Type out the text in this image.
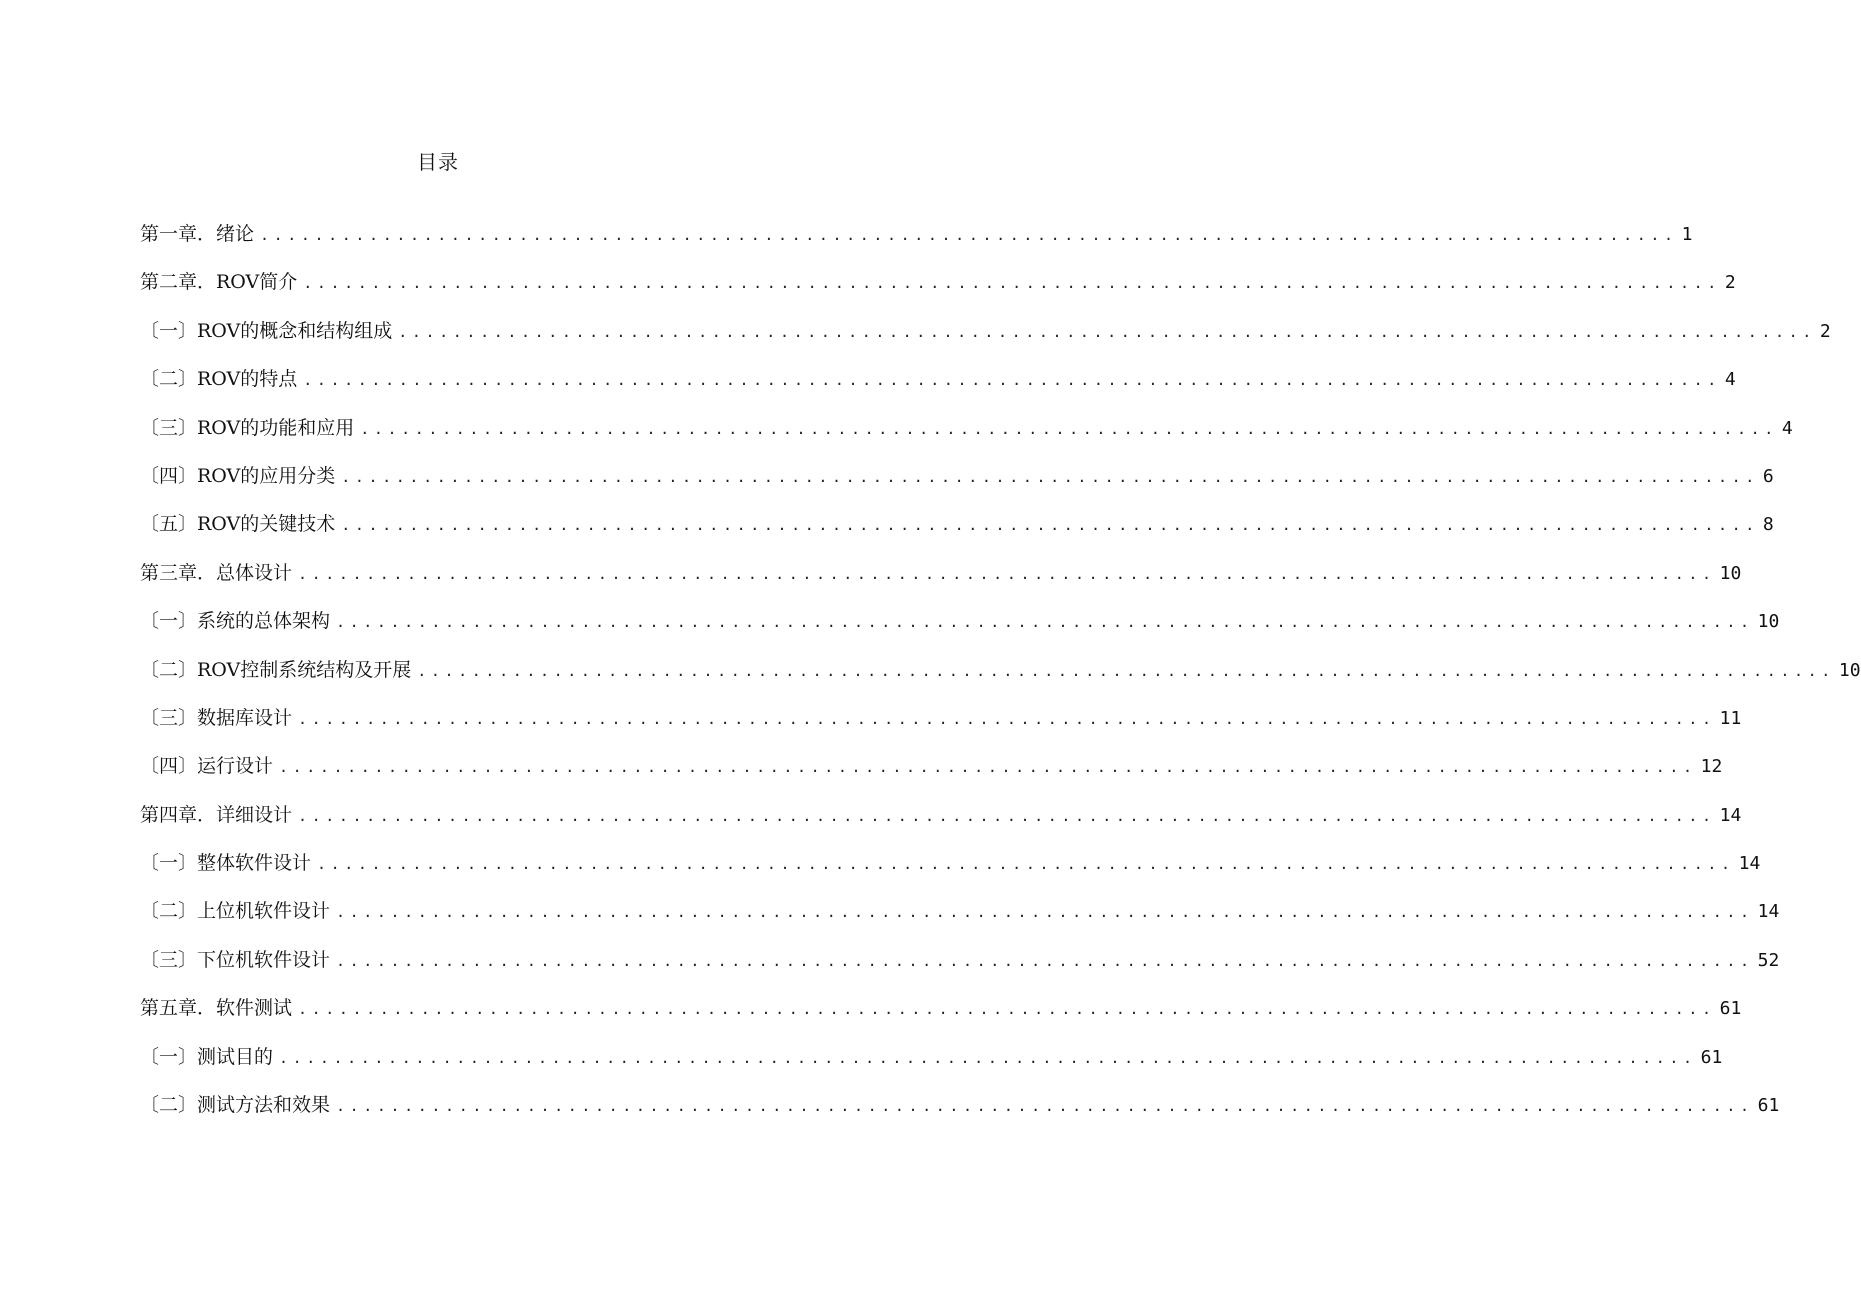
目录
第一章．绪论 ........................................................................................................ 1
第二章．ROV简介 ........................................................................................................ 2
〔一〕ROV的概念和结构组成 ........................................................................................................ 2
〔二〕ROV的特点 ........................................................................................................ 4
〔三〕ROV的功能和应用 ........................................................................................................ 4
〔四〕ROV的应用分类 ........................................................................................................ 6
〔五〕ROV的关键技术 ........................................................................................................ 8
第三章．总体设计 ........................................................................................................ 10
〔一〕系统的总体架构 ........................................................................................................ 10
〔二〕ROV控制系统结构及开展 ........................................................................................................ 10
〔三〕数据库设计 ........................................................................................................ 11
〔四〕运行设计 ........................................................................................................ 12
第四章．详细设计 ........................................................................................................ 14
〔一〕整体软件设计 ........................................................................................................ 14
〔二〕上位机软件设计 ........................................................................................................ 14
〔三〕下位机软件设计 ........................................................................................................ 52
第五章．软件测试 ........................................................................................................ 61
〔一〕测试目的 ........................................................................................................ 61
〔二〕测试方法和效果 ........................................................................................................ 61
